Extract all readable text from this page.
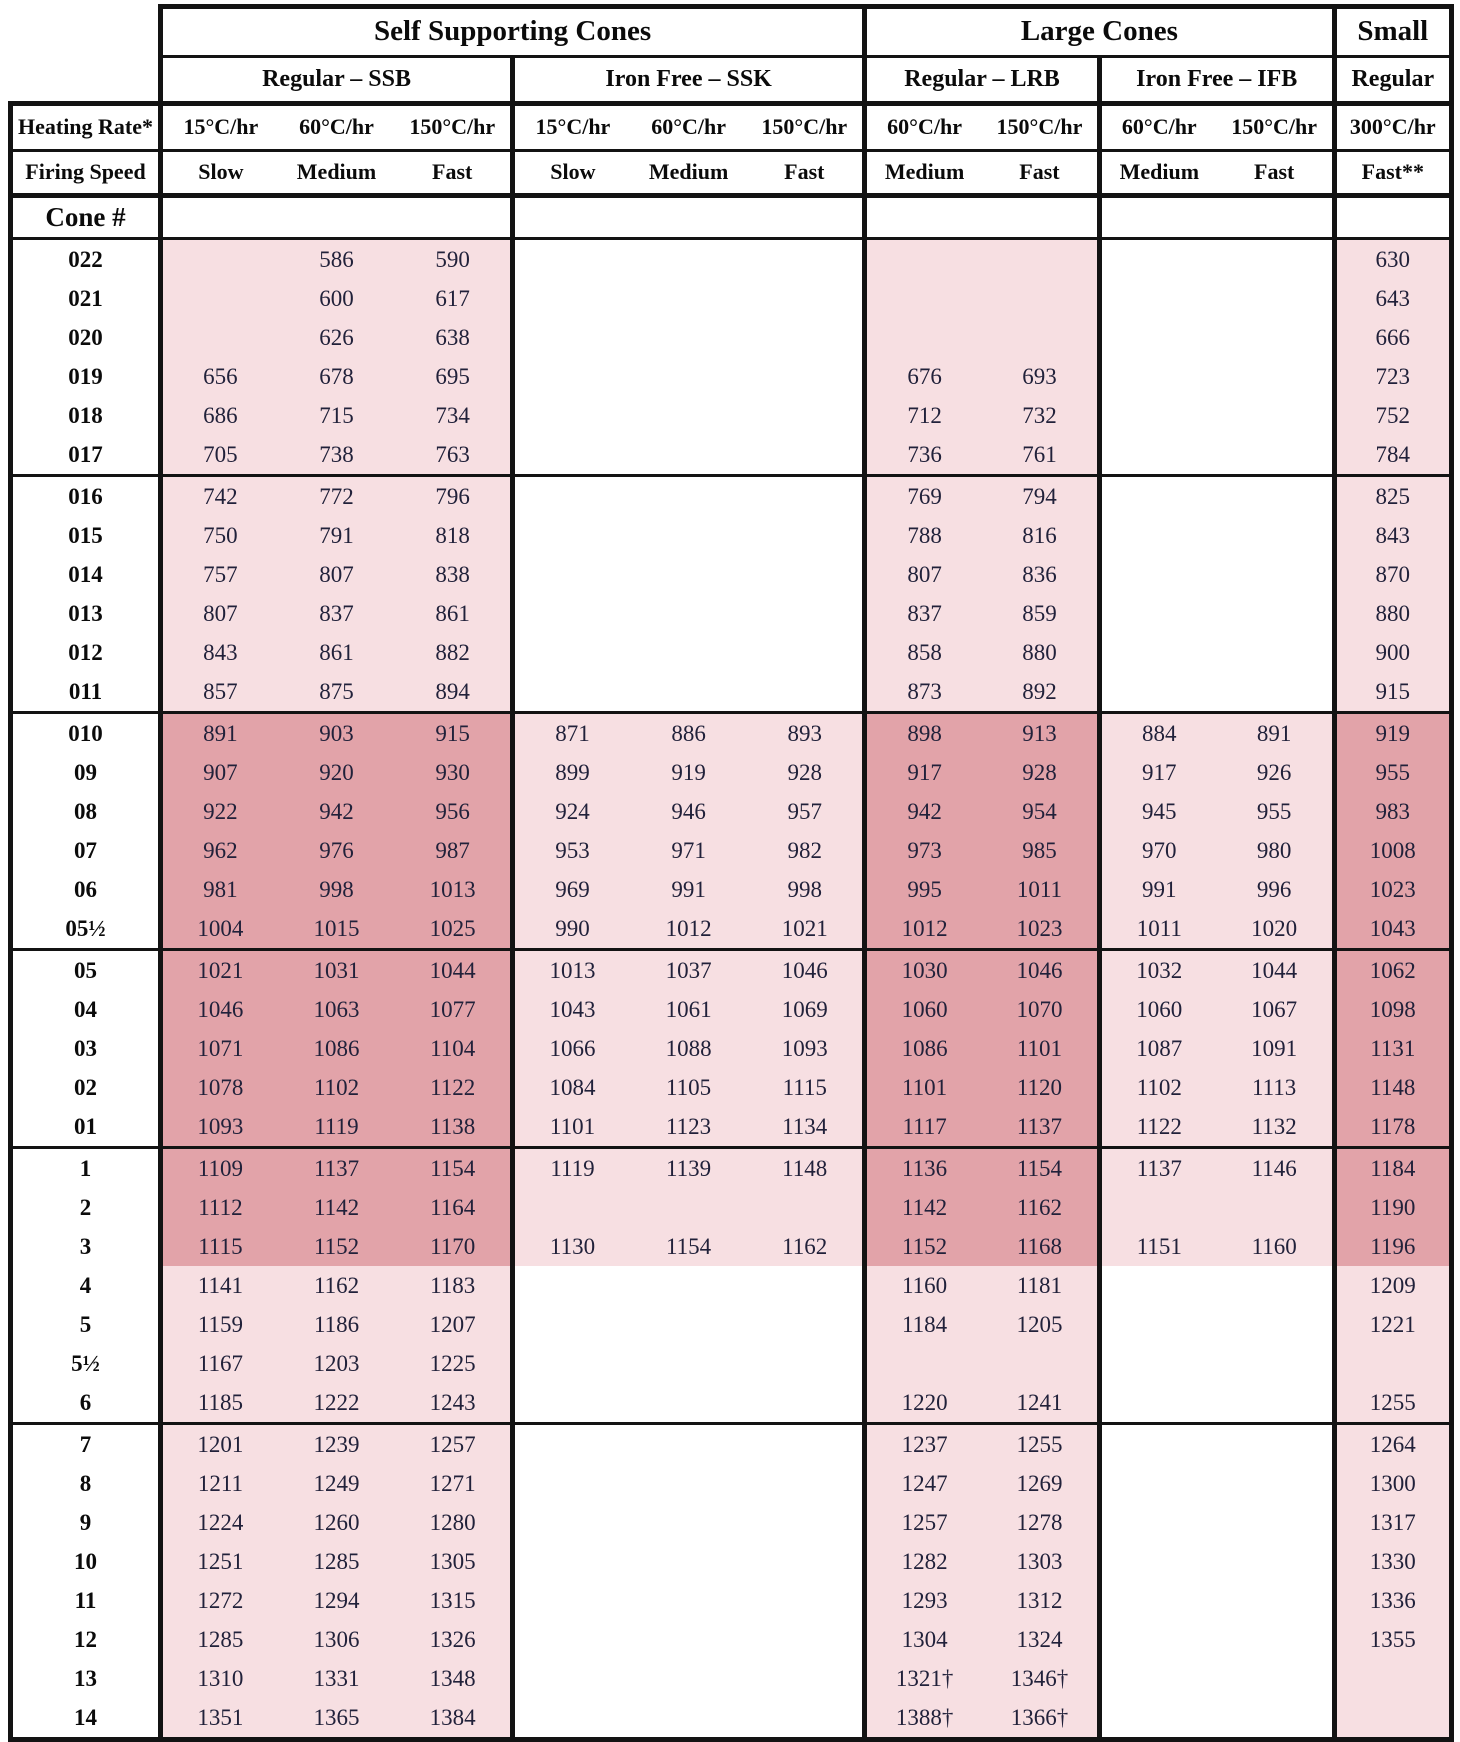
	Self Supporting Cones						Large Cones				Small
	Regular – SSB			Iron Free – SSK			Regular – LRB		Iron Free – IFB		Regular
Heating Rate*	15°C/hr 60°C/hr 150°C/hr			15°C/hr 60°C/hr 150°C/hr			60°C/hr 150°C/hr		60°C/hr 150°C/hr		300°C/hr
Firing Speed	Slow Medium Fast			Slow Medium Fast			Medium Fast		Medium Fast		Fast**
Cone #											
022		586	590								630
021		600	617								643
020		626	638								666
019	656	678	695				676	693			723
018	686	715	734				712	732			752
017	705	738	763				736	761			784
016	742	772	796				769	794			825
015	750	791	818				788	816			843
014	757	807	838				807	836			870
013	807	837	861				837	859			880
012	843	861	882				858	880			900
011	857	875	894				873	892			915
010	891	903	915	871	886	893	898	913	884	891	919
09	907	920	930	899	919	928	917	928	917	926	955
08	922	942	956	924	946	957	942	954	945	955	983
07	962	976	987	953	971	982	973	985	970	980	1008
06	981	998	1013	969	991	998	995	1011	991	996	1023
05½	1004	1015	1025	990	1012	1021	1012	1023	1011	1020	1043
05	1021	1031	1044	1013	1037	1046	1030	1046	1032	1044	1062
04	1046	1063	1077	1043	1061	1069	1060	1070	1060	1067	1098
03	1071	1086	1104	1066	1088	1093	1086	1101	1087	1091	1131
02	1078	1102	1122	1084	1105	1115	1101	1120	1102	1113	1148
01	1093	1119	1138	1101	1123	1134	1117	1137	1122	1132	1178
1	1109	1137	1154	1119	1139	1148	1136	1154	1137	1146	1184
2	1112	1142	1164				1142	1162			1190
3	1115	1152	1170	1130	1154	1162	1152	1168	1151	1160	1196
4	1141	1162	1183				1160	1181			1209
5	1159	1186	1207				1184	1205			1221
5½	1167	1203	1225								
6	1185	1222	1243				1220	1241			1255
7	1201	1239	1257				1237	1255			1264
8	1211	1249	1271				1247	1269			1300
9	1224	1260	1280				1257	1278			1317
10	1251	1285	1305				1282	1303			1330
11	1272	1294	1315				1293	1312			1336
12	1285	1306	1326				1304	1324			1355
13	1310	1331	1348				1321†	1346†			
14	1351	1365	1384				1388†	1366†			
